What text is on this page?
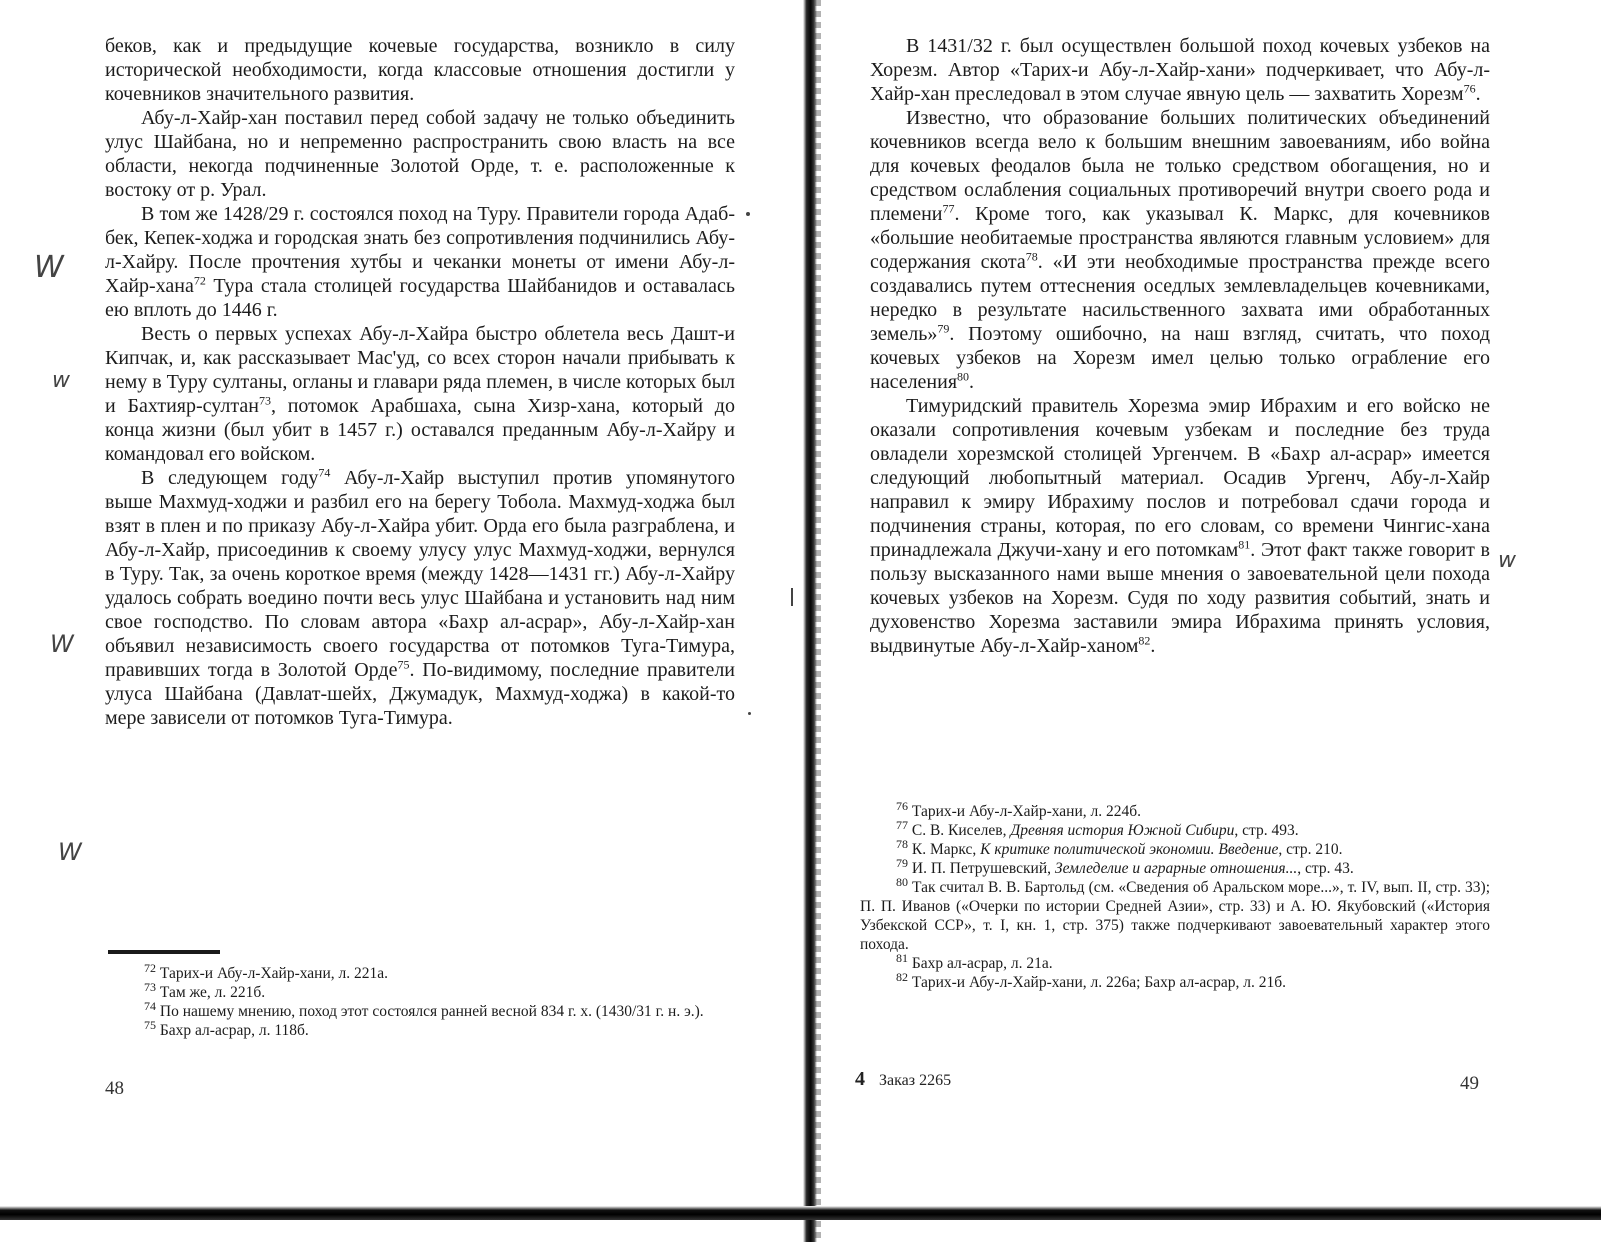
беков, как и предыдущие кочевые государства, возникло в силу исторической необходимости, когда классовые отношения достигли у кочевников значительного развития.

Абу-л-Хайр-хан поставил перед собой задачу не только объединить улус Шайбана, но и непременно распространить свою власть на все области, некогда подчиненные Золотой Орде, т. е. расположенные к востоку от р. Урал.

В том же 1428/29 г. состоялся поход на Туру. Правители города Адаб-бек, Кепек-ходжа и городская знать без сопротивления подчинились Абу-л-Хайру. После прочтения хутбы и чеканки монеты от имени Абу-л-Хайр-хана$^{72}$ Тура стала столицей государства Шайбанидов и оставалась ею вплоть до 1446 г.

Весть о первых успехах Абу-л-Хайра быстро облетела весь Дашт-и Кипчак, и, как рассказывает Мас'уд, со всех сторон начали прибывать к нему в Туру султаны, огланы и главари ряда племен, в числе которых был и Бахтияр-султан$^{73}$, потомок Арабшаха, сына Хизр-хана, который до конца жизни (был убит в 1457 г.) оставался преданным Абу-л-Хайру и командовал его войском.

В следующем году$^{74}$ Абу-л-Хайр выступил против упомянутого выше Махмуд-ходжи и разбил его на берегу Тобола. Махмуд-ходжа был взят в плен и по приказу Абу-л-Хайра убит. Орда его была разграблена, и Абу-л-Хайр, присоединив к своему улусу улус Махмуд-ходжи, вернулся в Туру. Так, за очень короткое время (между 1428—1431 гг.) Абу-л-Хайру удалось собрать воедино почти весь улус Шайбана и установить над ним свое господство. По словам автора «Бахр ал-асрар», Абу-л-Хайр-хан объявил независимость своего государства от потомков Туга-Тимура, правивших тогда в Золотой Орде$^{75}$. По-видимому, последние правители улуса Шайбана (Давлат-шейх, Джумадук, Махмуд-ходжа) в какой-то мере зависели от потомков Туга-Тимура.

$^{72}$ Тарих-и Абу-л-Хайр-хани, л. 221а.

$^{73}$ Там же, л. 221б.

$^{74}$ По нашему мнению, поход этот состоялся ранней весной 834 г. х. (1430/31 г. н. э.).

$^{75}$ Бахр ал-асрар, л. 118б.

48
W
w
W
W

В 1431/32 г. был осуществлен большой поход кочевых узбеков на Хорезм. Автор «Тарих-и Абу-л-Хайр-хани» подчеркивает, что Абу-л-Хайр-хан преследовал в этом случае явную цель — захватить Хорезм$^{76}$.

Известно, что образование больших политических объединений кочевников всегда вело к большим внешним завоеваниям, ибо война для кочевых феодалов была не только средством обогащения, но и средством ослабления социальных противоречий внутри своего рода и племени$^{77}$. Кроме того, как указывал К. Маркс, для кочевников «большие необитаемые пространства являются главным условием» для содержания скота$^{78}$. «И эти необходимые пространства прежде всего создавались путем оттеснения оседлых землевладельцев кочевниками, нередко в результате насильственного захвата ими обработанных земель»$^{79}$. Поэтому ошибочно, на наш взгляд, считать, что поход кочевых узбеков на Хорезм имел целью только ограбление его населения$^{80}$.

Тимуридский правитель Хорезма эмир Ибрахим и его войско не оказали сопротивления кочевым узбекам и последние без труда овладели хорезмской столицей Ургенчем. В «Бахр ал-асрар» имеется следующий любопытный материал. Осадив Ургенч, Абу-л-Хайр направил к эмиру Ибрахиму послов и потребовал сдачи города и подчинения страны, которая, по его словам, со времени Чингис-хана принадлежала Джучи-хану и его потомкам$^{81}$. Этот факт также говорит в пользу высказанного нами выше мнения о завоевательной цели похода кочевых узбеков на Хорезм. Судя по ходу развития событий, знать и духовенство Хорезма заставили эмира Ибрахима принять условия, выдвинутые Абу-л-Хайр-ханом$^{82}$.

$^{76}$ Тарих-и Абу-л-Хайр-хани, л. 224б.

$^{77}$ С. В. Киселев, Древняя история Южной Сибири, стр. 493.

$^{78}$ К. Маркс, К критике политической экономии. Введение, стр. 210.

$^{79}$ И. П. Петрушевский, Земледелие и аграрные отношения..., стр. 43.

$^{80}$ Так считал В. В. Бартольд (см. «Сведения об Аральском море...», т. IV, вып. II, стр. 33); П. П. Иванов («Очерки по истории Средней Азии», стр. 33) и А. Ю. Якубовский («История Узбекской ССР», т. I, кн. 1, стр. 375) также подчеркивают завоевательный характер этого похода.

$^{81}$ Бахр ал-асрар, л. 21а.

$^{82}$ Тарих-и Абу-л-Хайр-хани, л. 226а; Бахр ал-асрар, л. 21б.

4 Заказ 2265	49
w
